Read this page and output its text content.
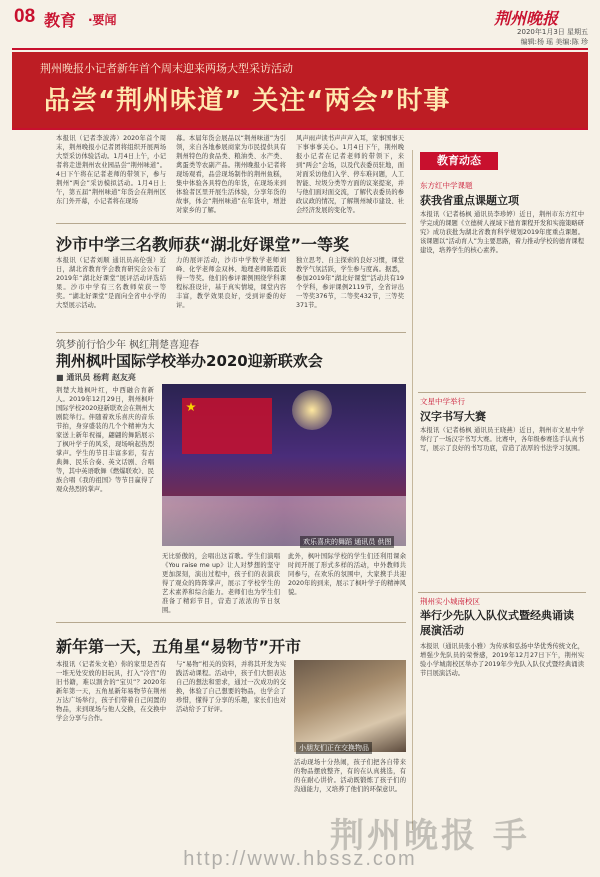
08 教育 ·要闻	荆州晚报
2020年1月3日 星期五
编辑:杨 瑶 美编:陈 珍
荆州晚报小记者新年首个周末迎来两场大型采访活动
品尝“荆州味道” 关注“两会”时事
本报讯（记者李波涛）2020年首个周末，荆州晚报小记者团将组织开展两场大型采访体验活动。1月4日上午，小记者将走进荆州农业园品尝“荆州味道”。4日下午将在记者老师的带领下，参与荆州“两会”采访模拟活动。1月4日上午，第五届“荆州味道”年货会在荆州区东门外开幕，小记者将在现场
幕。本届年货会展品以“荆州味道”为引领，来自各地参展商家为市民提供具有荆州特色的食品类、粮油类、水产类、禽蛋类等农副产品。荆州晚报小记者将现场观看，品尝现场制作的荆州鱼糕，集中体验各具特色的年货，在现场来到体验者区里开展生活体验，分享年货的故事，体会“荆州味道”在年货中，增进对家乡的了解。
风声雨声读书声声声入耳，家事国事天下事事事关心。1月4日下午，荆州晚报小记者在记者老师的带领下，来到“两会”会场，以及代表委员驻地，面对面采访他们入学、停车难问题，人工智能、垃圾分类等方面的议案提案，并与他们面对面交流，了解代表委员的参政议政的情况，了解荆州城市建设、社会经济发展的变化等。
沙市中学三名教师获“湖北好课堂”一等奖
本报讯（记者刘顺 通讯员高伦强）近日，湖北省教育学会教育研究会公布了2019年“湖北好课堂”展评活动评选结果。沙市中学有三名教师荣获一等奖。“湖北好课堂”是面向全省中小学的大型展示活动。
力的展评活动，沙市中学数学老师刘峰、化学老师金双林、地理老师陈霞获得一等奖。他们的参评课例围绕学科课程标准设计，基于真实情境，课堂内容丰富，教学效果良好，受到评委的好评。
独立思考、自主探索的良好习惯，课堂教学气氛活跃，学生参与度高。据悉，参加2019年“湖北好课堂”活动共有19个学科，参评课例2119节，全省评出一等奖376节，二等奖432节，三等奖371节。
筑梦前行恰少年 枫红荆楚喜迎春
荆州枫叶国际学校举办2020迎新联欢会
■ 通讯员 杨莉 赵友亮
荆楚大地枫叶红，中西融合育新人。2019年12月29日，荆州枫叶国际学校2020迎新联欢会在荆州大剧院举行。伴随着欢乐喜庆的音乐节拍，身穿盛装的几个个精神为大家送上新年祝福，翩翩的舞蹈展示了枫叶学子的风采，现场响起热烈掌声。学生的节目丰富多彩，有古典舞、民乐合奏、英文话剧、合唱等，其中英语歌舞《燃爆联欢》、民族合唱《我的祖国》等节目赢得了观众热烈的掌声。
欢乐喜庆的舞蹈 通讯员 供图
无比骄傲的，会唱出这首歌。学生们演唱《You raise me up》让人对梦想的坚守更加深刻，演出过程中，孩子们的表演获得了观众的阵阵掌声，展示了学校学生的艺术素养和综合能力。老师们也为学生们准备了精彩节目，营造了浓浓的节日氛围。
此外，枫叶国际学校的学生们还利用课余时间开展了形式多样的活动，中外教师共同参与，在欢乐的氛围中，大家携手共迎2020年的到来，展示了枫叶学子的精神风貌。
新年第一天，五角星“易物节”开市
本报讯（记者朱文艳）你的家里是否有一堆无处安放的旧玩具，打入“冷宫”的旧书籍，难以割舍的“宝贝”？2020年新年第一天，五角星新年易物节在荆州万达广场举行，孩子们带着自己闲置的物品，来到现场与他人交换，在交换中学会分享与合作。
与“易物”相关的资料，并将其开发为实践活动课程。活动中，孩子们大胆表达自己的想法和需求，通过一次成功的交换，体验了自己想要的物品，也学会了珍惜，懂得了分享的乐趣，家长们也对活动给予了好评。
小朋友们正在交换物品
活动现场十分热闹，孩子们把各自带来的物品摆放整齐，有的在认真挑选，有的在耐心讲价。活动既锻炼了孩子们的沟通能力，又培养了他们的环保意识。
教育动态
东方红中学课题
获我省重点课题立项
本报讯（记者杨枫 通讯员李珍婷）近日，荆州市东方红中学完成的课题《立德树人视域下德育课程开发和实施策略研究》成功获批为湖北省教育科学规划2019年度重点课题。该课题以“活动育人”为主要思路，着力推动学校的德育课程建设，培养学生的核心素养。
文星中学举行
汉字书写大赛
本报讯（记者杨枫 通讯员王晓燕）近日，荆州市文星中学举行了一场汉字书写大赛。比赛中，各年级参赛选手认真书写，展示了良好的书写功底，营造了浓厚的书法学习氛围。
荆州实小城南校区
举行少先队入队仪式暨经典诵读展演活动
本报讯（通讯员张小雅）为传承和弘扬中华优秀传统文化，增强少先队员的荣誉感，2019年12月27日下午，荆州实验小学城南校区举办了2019年少先队入队仪式暨经典诵读节目展演活动。
荆州晚报 手
http://www.hbssz.com
